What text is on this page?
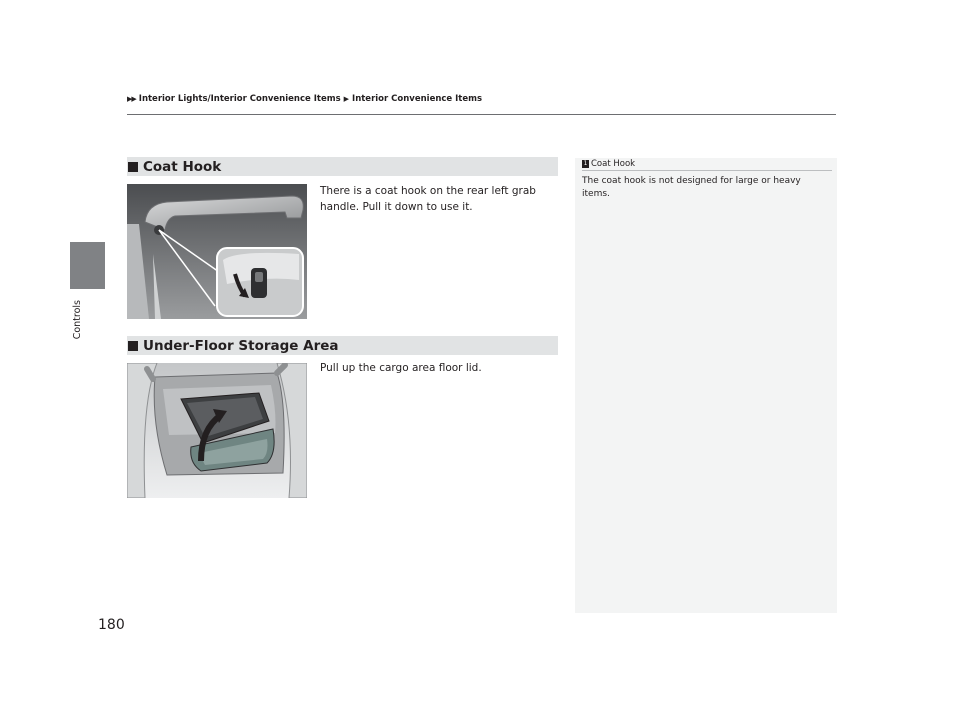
▶▶ Interior Lights/Interior Convenience Items ▶ Interior Convenience Items
Controls
Coat Hook
There is a coat hook on the rear left grab handle. Pull it down to use it.
Under-Floor Storage Area
Pull up the cargo area floor lid.
1 Coat Hook
The coat hook is not designed for large or heavy items.
180
